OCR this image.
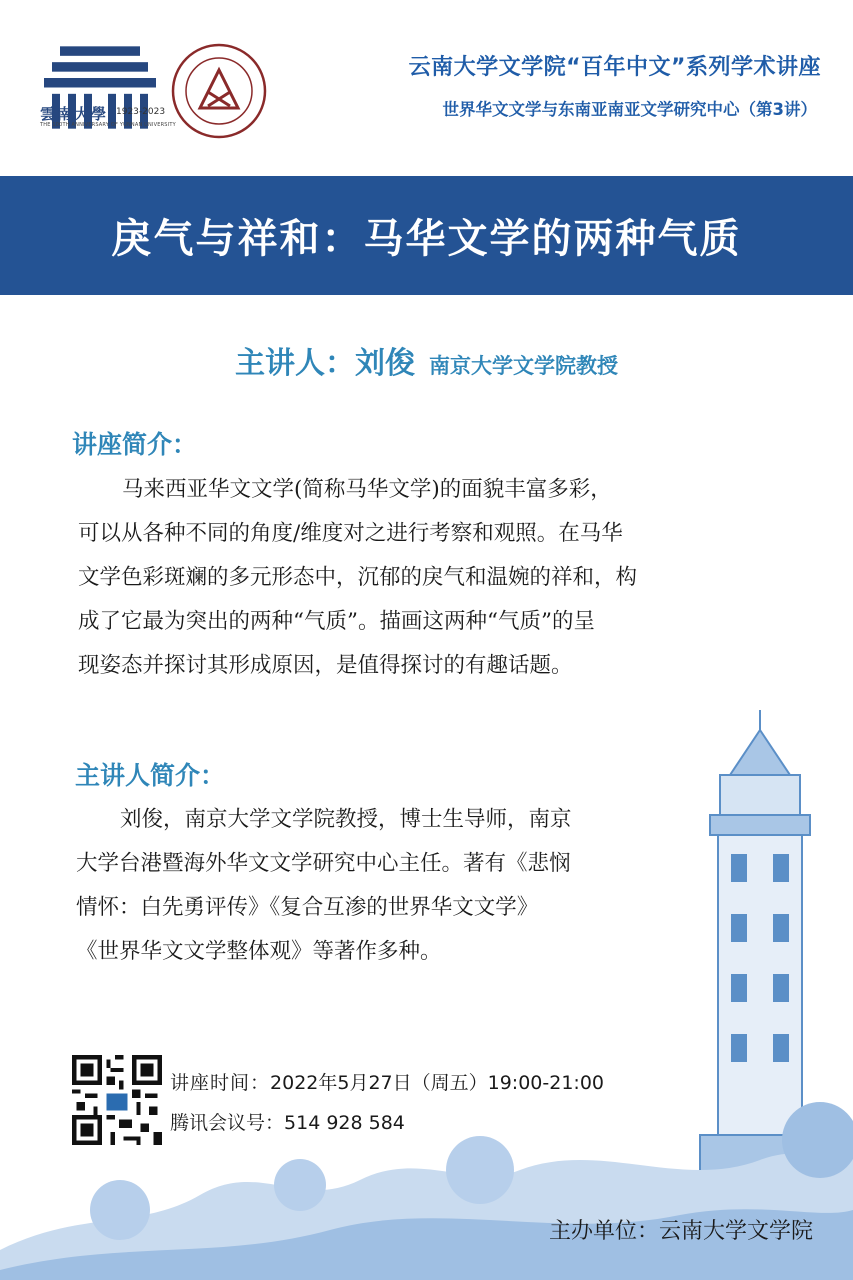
雲南大學 1923-2023
THE 100TH ANNIVERSARY OF YUNNAN UNIVERSITY
云南大学文学院“百年中文”系列学术讲座
世界华文文学与东南亚南亚文学研究中心（第3讲）
戾气与祥和：马华文学的两种气质
主讲人：刘俊 南京大学文学院教授
讲座简介：
马来西亚华文文学(简称马华文学)的面貌丰富多彩，
可以从各种不同的角度/维度对之进行考察和观照。在马华
文学色彩斑斓的多元形态中，沉郁的戾气和温婉的祥和，构
成了它最为突出的两种“气质”。描画这两种“气质”的呈
现姿态并探讨其形成原因，是值得探讨的有趣话题。
主讲人简介：
刘俊，南京大学文学院教授，博士生导师，南京
大学台港暨海外华文文学研究中心主任。著有《悲悯
情怀：白先勇评传》《复合互渗的世界华文文学》
《世界华文文学整体观》等著作多种。
讲座时间：2022年5月27日（周五）19:00-21:00
腾讯会议号：514 928 584
主办单位：云南大学文学院
